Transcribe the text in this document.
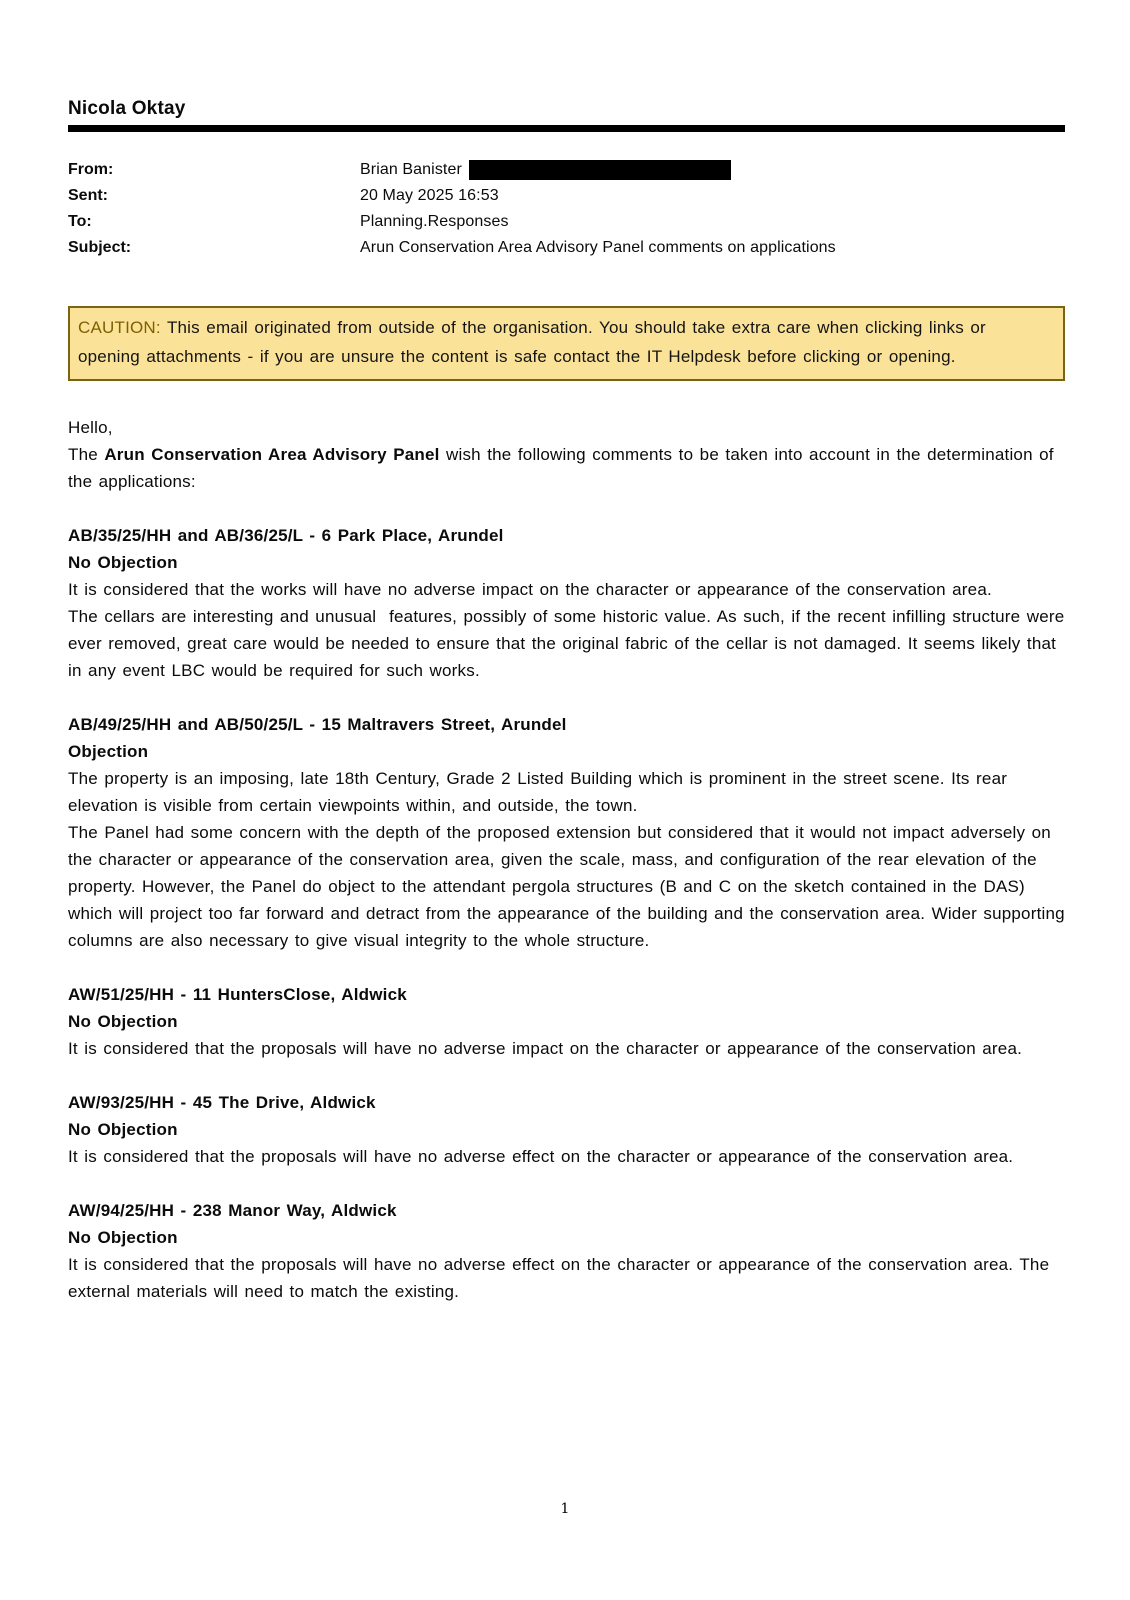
Nicola Oktay
From:	Brian Banister
Sent:	20 May 2025 16:53
To:	Planning.Responses
Subject:	Arun Conservation Area Advisory Panel comments on applications
CAUTION: This email originated from outside of the organisation. You should take extra care when clicking links or opening attachments - if you are unsure the content is safe contact the IT Helpdesk before clicking or opening.

Hello,

The Arun Conservation Area Advisory Panel wish the following comments to be taken into account in the determination of the applications:

AB/35/25/HH and AB/36/25/L - 6 Park Place, Arundel

No Objection

It is considered that the works will have no adverse impact on the character or appearance of the conservation area.

The cellars are interesting and unusual  features, possibly of some historic value. As such, if the recent infilling structure were ever removed, great care would be needed to ensure that the original fabric of the cellar is not damaged. It seems likely that in any event LBC would be required for such works.

AB/49/25/HH and AB/50/25/L - 15 Maltravers Street, Arundel

Objection

The property is an imposing, late 18th Century, Grade 2 Listed Building which is prominent in the street scene. Its rear elevation is visible from certain viewpoints within, and outside, the town.

The Panel had some concern with the depth of the proposed extension but considered that it would not impact adversely on the character or appearance of the conservation area, given the scale, mass, and configuration of the rear elevation of the property. However, the Panel do object to the attendant pergola structures (B and C on the sketch contained in the DAS) which will project too far forward and detract from the appearance of the building and the conservation area. Wider supporting columns are also necessary to give visual integrity to the whole structure.

AW/51/25/HH - 11 HuntersClose, Aldwick

No Objection

It is considered that the proposals will have no adverse impact on the character or appearance of the conservation area.

AW/93/25/HH - 45 The Drive, Aldwick

No Objection

It is considered that the proposals will have no adverse effect on the character or appearance of the conservation area.

AW/94/25/HH - 238 Manor Way, Aldwick

No Objection

It is considered that the proposals will have no adverse effect on the character or appearance of the conservation area. The external materials will need to match the existing.

1
